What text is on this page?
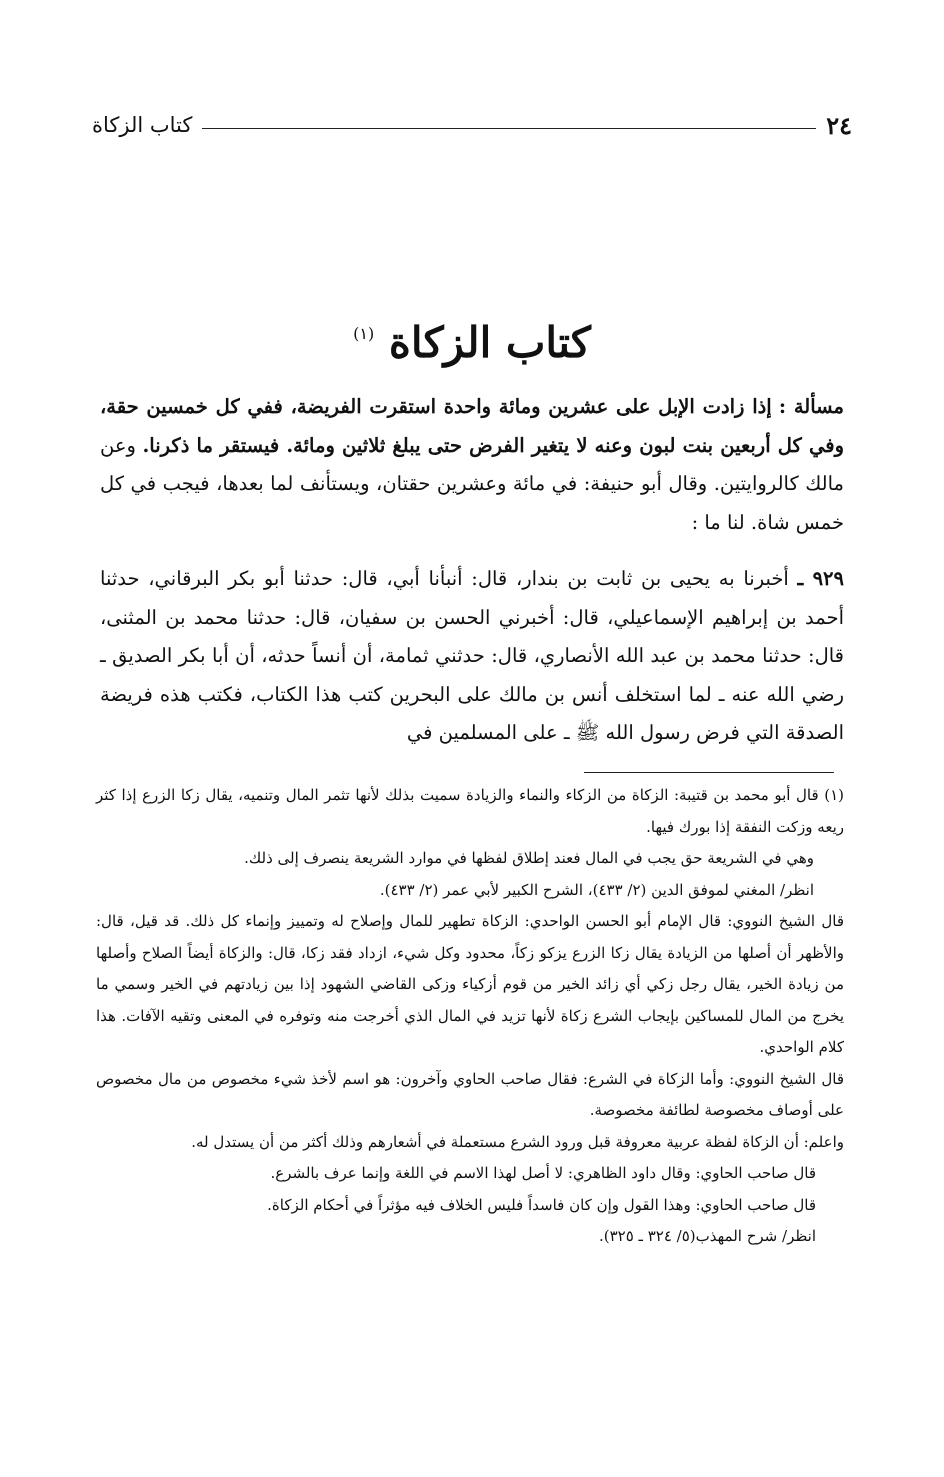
٢٤
كتاب الزكاة
كتاب الزكاة $^{(١)}$

مسألة : إذا زادت الإبل على عشرين ومائة واحدة استقرت الفريضة، ففي كل خمسين حقة، وفي كل أربعين بنت لبون وعنه لا يتغير الفرض حتى يبلغ ثلاثين ومائة. فيستقر ما ذكرنا. وعن مالك كالروايتين. وقال أبو حنيفة: في مائة وعشرين حقتان، ويستأنف لما بعدها، فيجب في كل خمس شاة. لنا ما :

٩٢٩ ـ أخبرنا به يحيى بن ثابت بن بندار، قال: أنبأنا أبي، قال: حدثنا أبو بكر البرقاني، حدثنا أحمد بن إبراهيم الإسماعيلي، قال: أخبرني الحسن بن سفيان، قال: حدثنا محمد بن المثنى، قال: حدثنا محمد بن عبد الله الأنصاري، قال: حدثني ثمامة، أن أنساً حدثه، أن أبا بكر الصديق ـ رضي الله عنه ـ لما استخلف أنس بن مالك على البحرين كتب هذا الكتاب، فكتب هذه فريضة الصدقة التي فرض رسول الله ﷺ ـ على المسلمين في

(١) قال أبو محمد بن قتيبة: الزكاة من الزكاء والنماء والزيادة سميت بذلك لأنها تثمر المال وتنميه، يقال زكا الزرع إذا كثر ريعه وزكت النفقة إذا بورك فيها.

وهي في الشريعة حق يجب في المال فعند إطلاق لفظها في موارد الشريعة ينصرف إلى ذلك.

انظر/ المغني لموفق الدين (٢/ ٤٣٣)، الشرح الكبير لأبي عمر (٢/ ٤٣٣).

قال الشيخ النووي: قال الإمام أبو الحسن الواحدي: الزكاة تطهير للمال وإصلاح له وتمييز وإنماء كل ذلك. قد قيل، قال: والأظهر أن أصلها من الزيادة يقال زكا الزرع يزكو زكاً، محدود وكل شيء، ازداد فقد زكا، قال: والزكاة أيضاً الصلاح وأصلها من زيادة الخير، يقال رجل زكي أي زائد الخير من قوم أزكياء وزكى القاضي الشهود إذا بين زيادتهم في الخير وسمي ما يخرج من المال للمساكين بإيجاب الشرع زكاة لأنها تزيد في المال الذي أخرجت منه وتوفره في المعنى وتقيه الآفات. هذا كلام الواحدي.

قال الشيخ النووي: وأما الزكاة في الشرع: فقال صاحب الحاوي وآخرون: هو اسم لأخذ شيء مخصوص من مال مخصوص على أوصاف مخصوصة لطائفة مخصوصة.

واعلم: أن الزكاة لفظة عربية معروفة قبل ورود الشرع مستعملة في أشعارهم وذلك أكثر من أن يستدل له.

قال صاحب الحاوي: وقال داود الظاهري: لا أصل لهذا الاسم في اللغة وإنما عرف بالشرع.

قال صاحب الحاوي: وهذا القول وإن كان فاسداً فليس الخلاف فيه مؤثراً في أحكام الزكاة.

انظر/ شرح المهذب(٥/ ٣٢٤ ـ ٣٢٥).
